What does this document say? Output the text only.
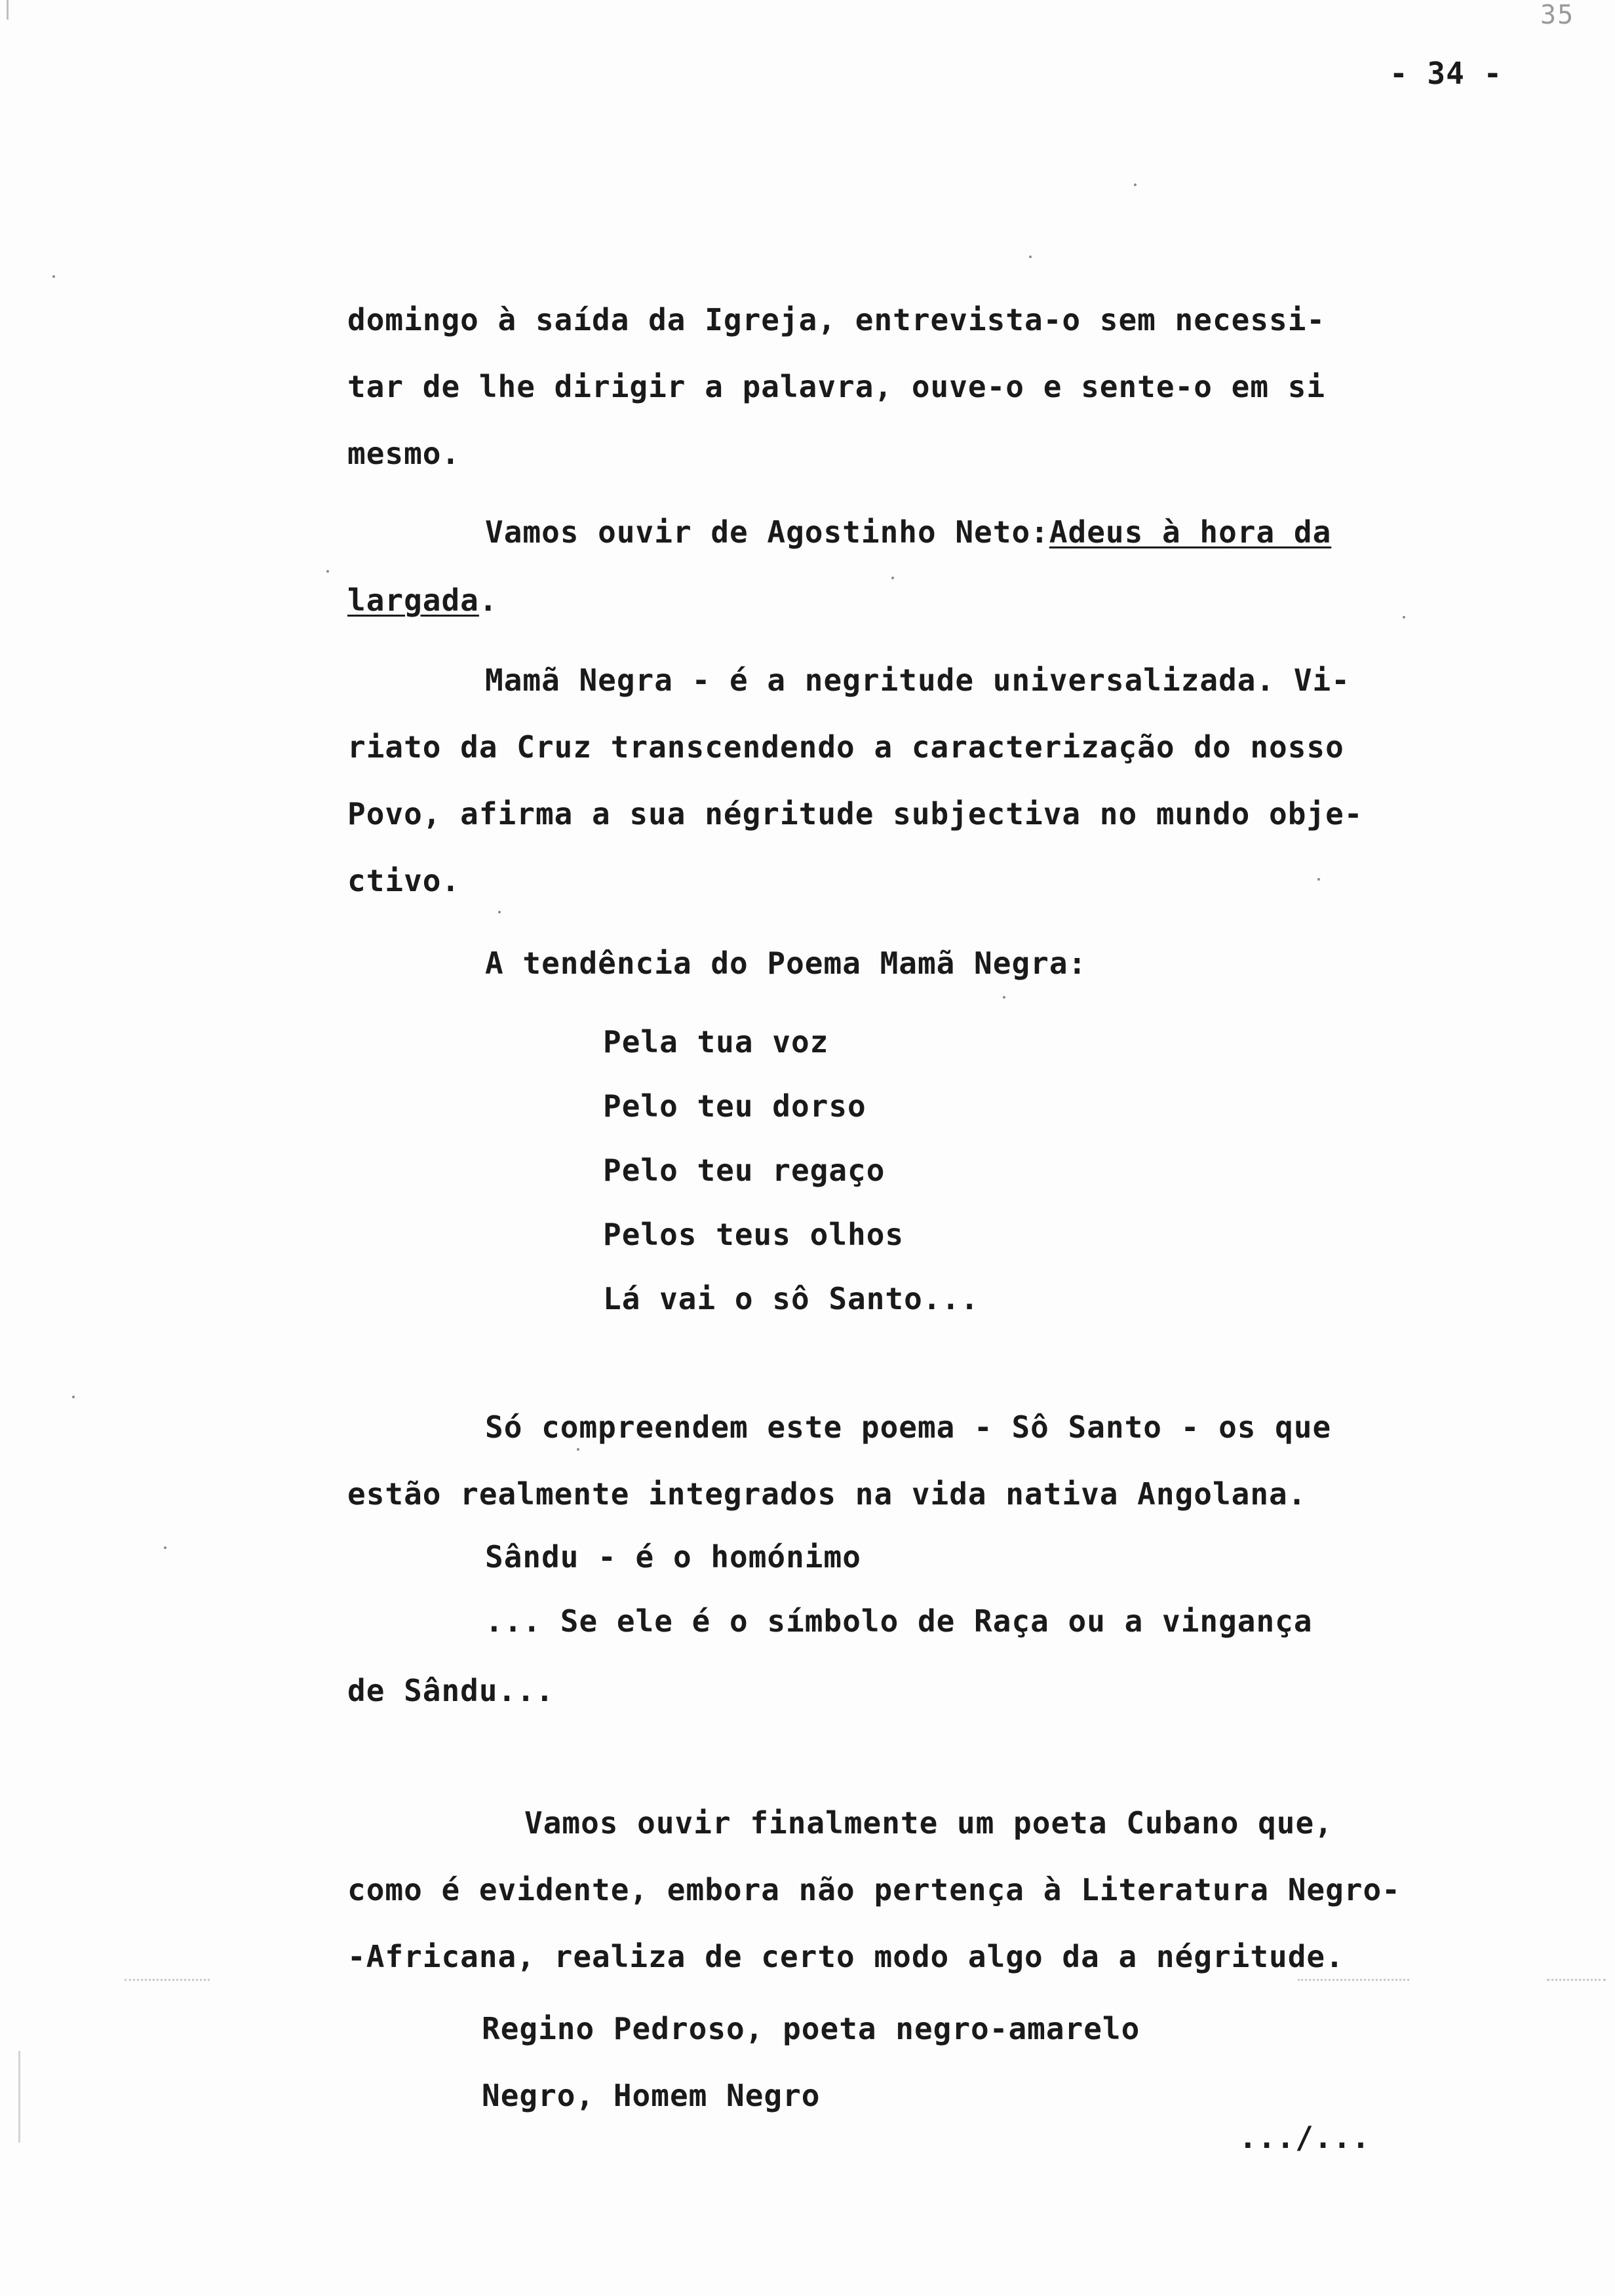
35
- 34 -
domingo à saída da Igreja, entrevista-o sem necessi-
tar de lhe dirigir a palavra, ouve-o e sente-o em si
mesmo.
Vamos ouvir de Agostinho Neto:Adeus à hora da
largada.
Mamã Negra - é a negritude universalizada. Vi-
riato da Cruz transcendendo a caracterização do nosso
Povo, afirma a sua négritude subjectiva no mundo obje-
ctivo.
A tendência do Poema Mamã Negra:
Pela tua voz
Pelo teu dorso
Pelo teu regaço
Pelos teus olhos
Lá vai o sô Santo...
Só compreendem este poema - Sô Santo - os que
estão realmente integrados na vida nativa Angolana.
Sându - é o homónimo
... Se ele é o símbolo de Raça ou a vingança
de Sându...
Vamos ouvir finalmente um poeta Cubano que,
como é evidente, embora não pertença à Literatura Negro-
-Africana, realiza de certo modo algo da a négritude.
Regino Pedroso, poeta negro-amarelo
Negro, Homem Negro
.../...
